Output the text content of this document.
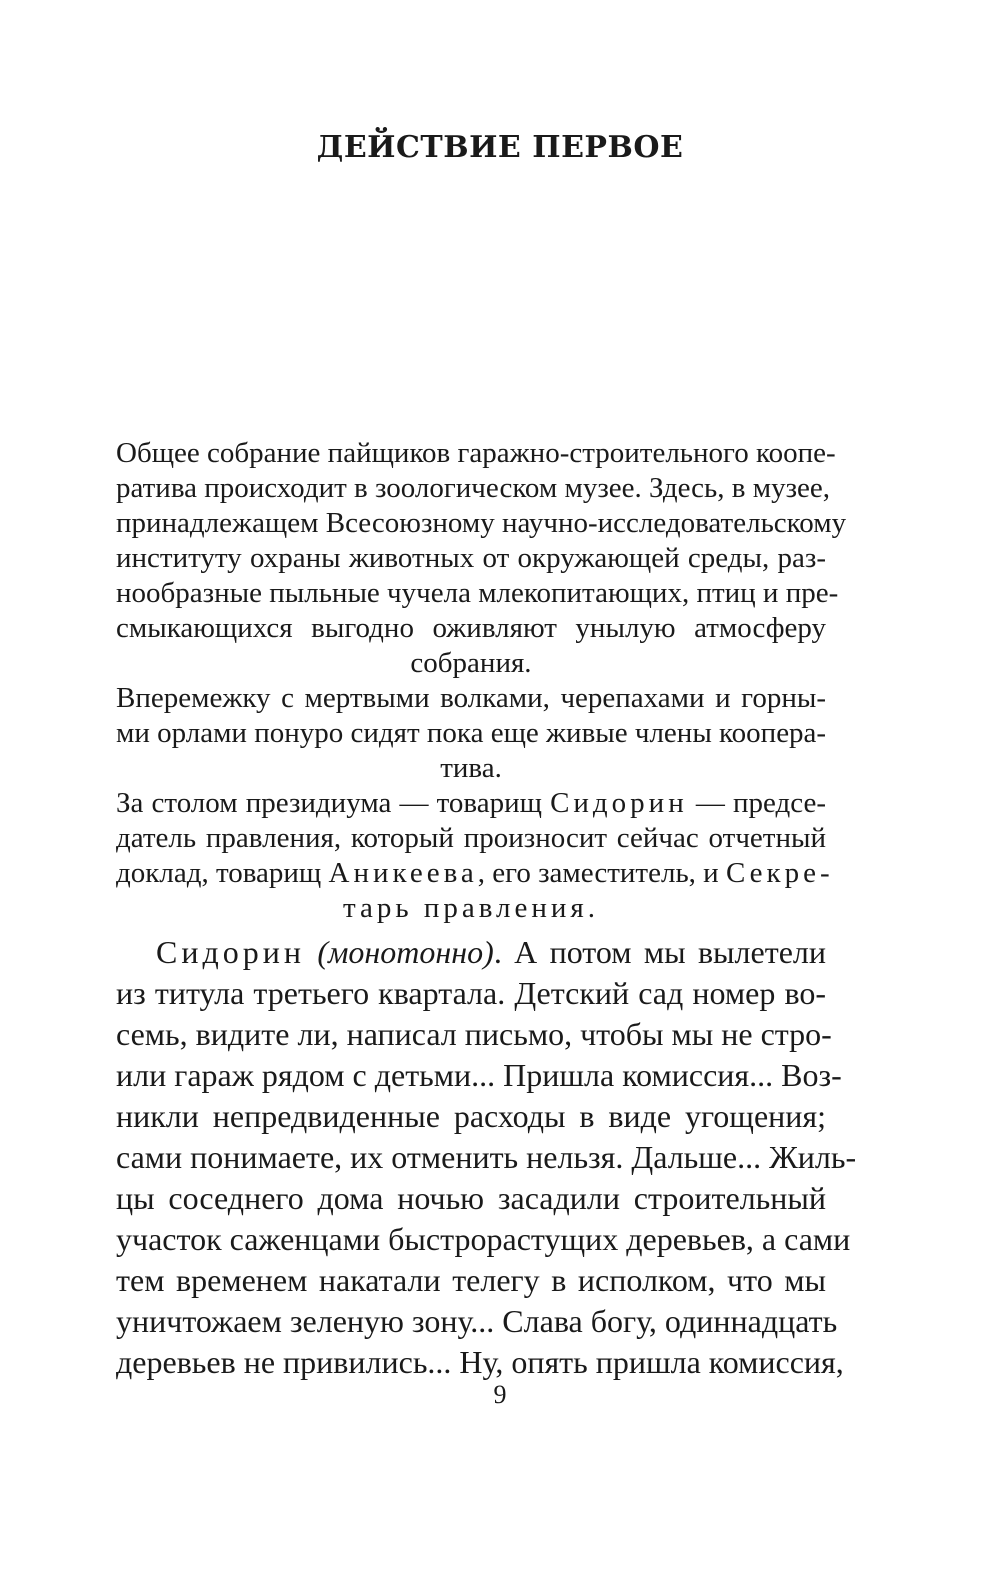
ДЕЙСТВИЕ ПЕРВОЕ
Общее собрание пайщиков гаражно-строительного коопе-
ратива происходит в зоологическом музее. Здесь, в музее,
принадлежащем Всесоюзному научно-исследовательскому
институту охраны животных от окружающей среды, раз-
нообразные пыльные чучела млекопитающих, птиц и пре-
смыкающихся выгодно оживляют унылую атмосферу
собрания.
Вперемежку с мертвыми волками, черепахами и горны-
ми орлами понуро сидят пока еще живые члены коопера-
тива.
За столом президиума — товарищ Сидорин — предсе-
датель правления, который произносит сейчас отчетный
доклад, товарищ Аникеева, его заместитель, и Секре-
тарь правления.
Сидорин (монотонно). А потом мы вылетели
из титула третьего квартала. Детский сад номер во-
семь, видите ли, написал письмо, чтобы мы не стро-
или гараж рядом с детьми... Пришла комиссия... Воз-
никли непредвиденные расходы в виде угощения;
сами понимаете, их отменить нельзя. Дальше... Жиль-
цы соседнего дома ночью засадили строительный
участок саженцами быстрорастущих деревьев, а сами
тем временем накатали телегу в исполком, что мы
уничтожаем зеленую зону... Слава богу, одиннадцать
деревьев не привились... Ну, опять пришла комиссия,
9
